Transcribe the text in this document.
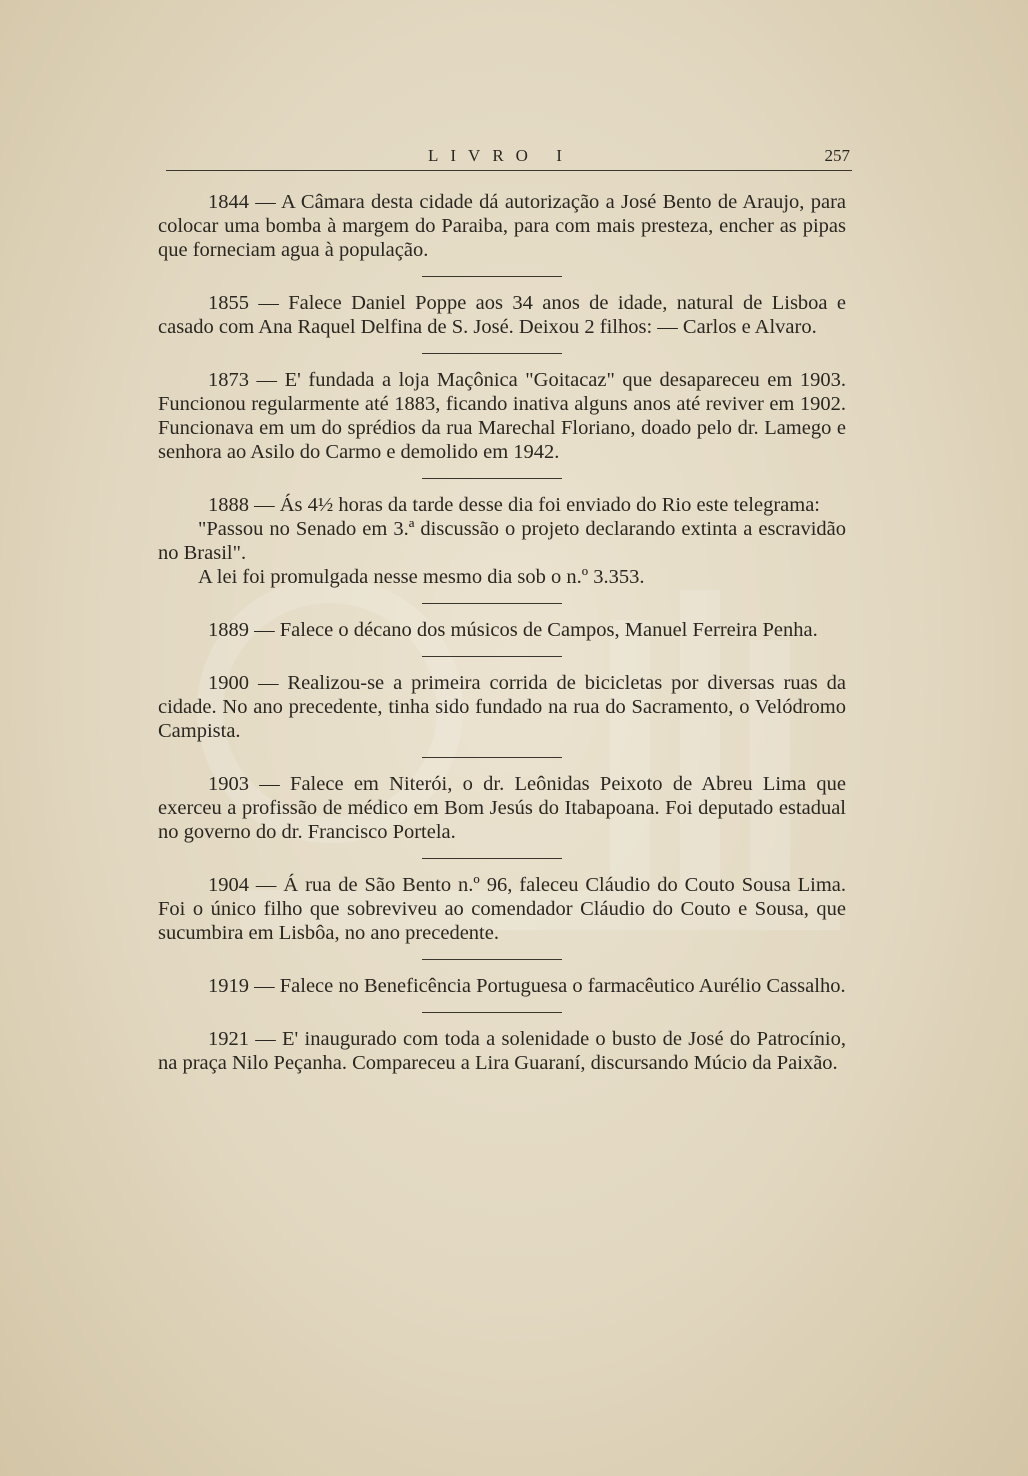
LIVRO I	257

1844 — A Câmara desta cidade dá autorização a José Bento de Araujo, para colocar uma bomba à margem do Paraiba, para com mais presteza, encher as pipas que forneciam agua à população.

1855 — Falece Daniel Poppe aos 34 anos de idade, natural de Lisboa e casado com Ana Raquel Delfina de S. José. Deixou 2 filhos: — Carlos e Alvaro.

1873 — E' fundada a loja Maçônica "Goitacaz" que desapareceu em 1903. Funcionou regularmente até 1883, ficando inativa alguns anos até reviver em 1902. Funcionava em um do sprédios da rua Marechal Floriano, doado pelo dr. Lamego e senhora ao Asilo do Carmo e demolido em 1942.

1888 — Ás 4½ horas da tarde desse dia foi enviado do Rio este telegrama:

"Passou no Senado em 3.ª discussão o projeto declarando extinta a escravidão no Brasil".

A lei foi promulgada nesse mesmo dia sob o n.º 3.353.

1889 — Falece o décano dos músicos de Campos, Manuel Ferreira Penha.

1900 — Realizou-se a primeira corrida de bicicletas por diversas ruas da cidade. No ano precedente, tinha sido fundado na rua do Sacramento, o Velódromo Campista.

1903 — Falece em Niterói, o dr. Leônidas Peixoto de Abreu Lima que exerceu a profissão de médico em Bom Jesús do Itabapoana. Foi deputado estadual no governo do dr. Francisco Portela.

1904 — Á rua de São Bento n.º 96, faleceu Cláudio do Couto Sousa Lima. Foi o único filho que sobreviveu ao comendador Cláudio do Couto e Sousa, que sucumbira em Lisbôa, no ano precedente.

1919 — Falece no Beneficência Portuguesa o farmacêutico Aurélio Cassalho.

1921 — E' inaugurado com toda a solenidade o busto de José do Patrocínio, na praça Nilo Peçanha. Compareceu a Lira Guaraní, discursando Múcio da Paixão.
